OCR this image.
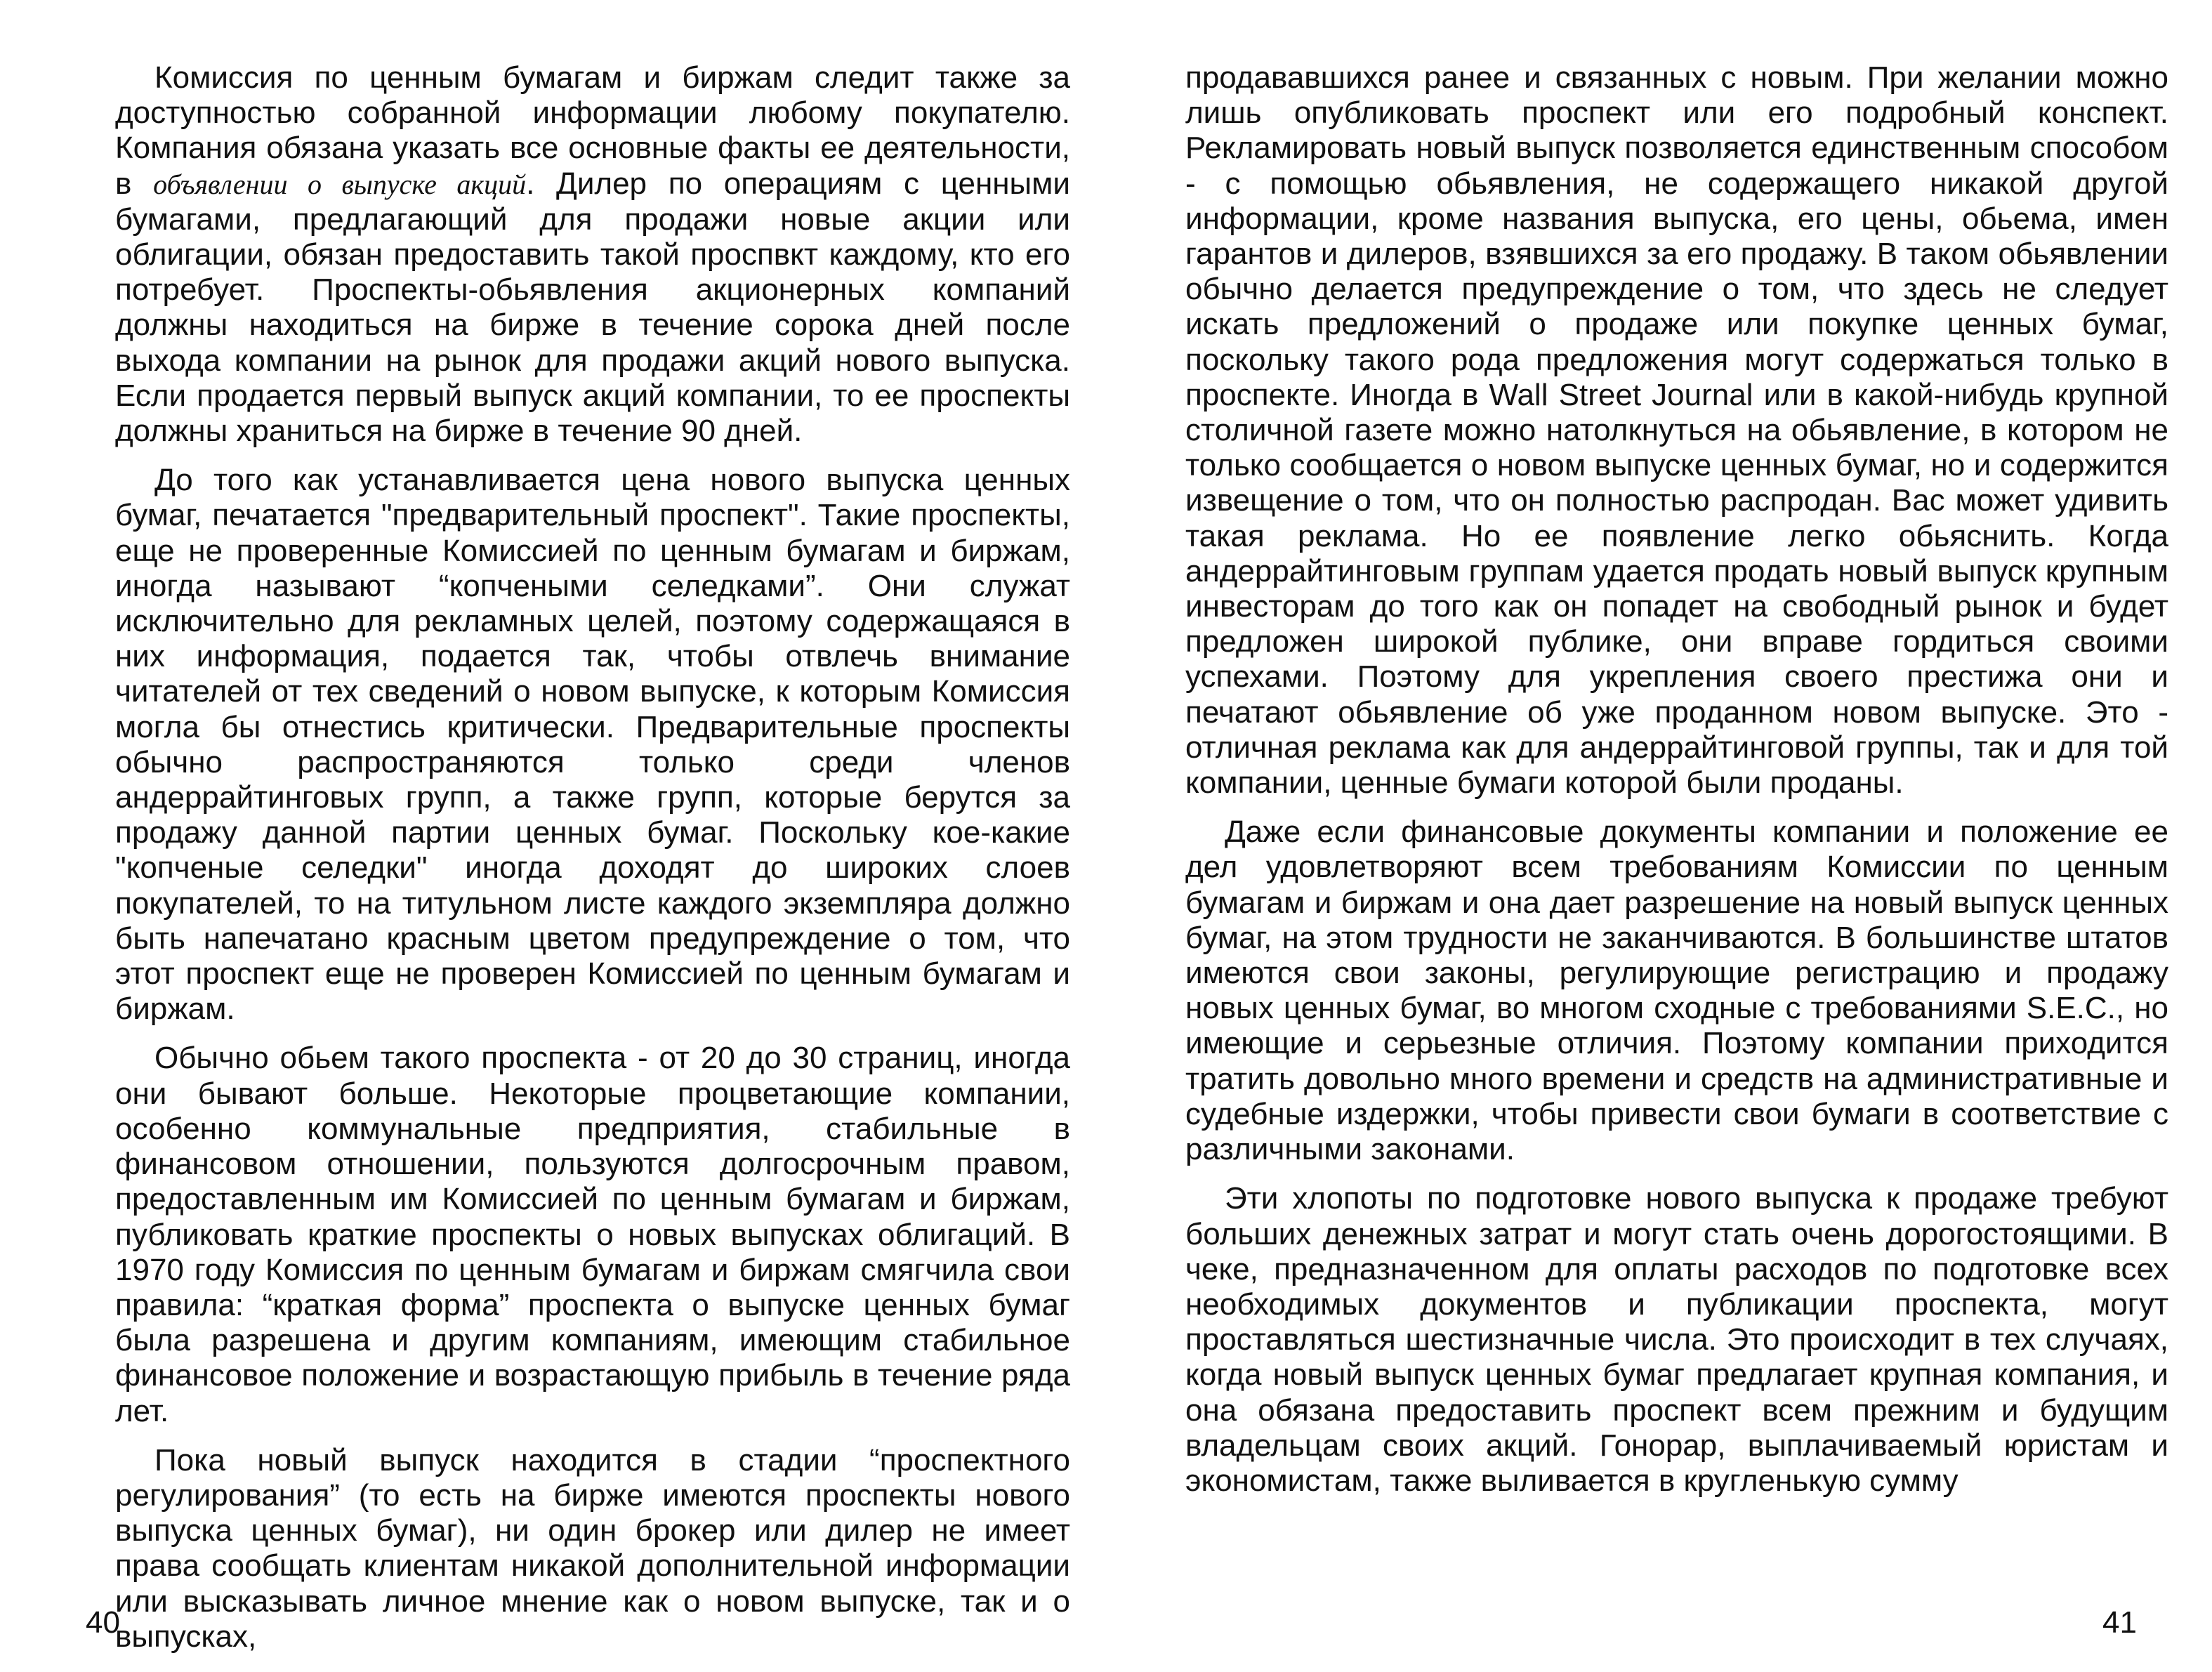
Комиссия по ценным бумагам и биржам следит также за доступностью собранной информации любому покупателю. Компания обязана указать все основные факты ее деятельности, в объявлении о выпуске акций. Дилер по операциям с ценными бумагами, предлагающий для продажи новые акции или облигации, обязан предоставить такой проспвкт каждому, кто его потребует. Проспекты-обьявления акционерных компаний должны находиться на бирже в течение сорока дней после выхода компании на рынок для продажи акций нового выпуска. Если продается первый выпуск акций компании, то ее проспекты должны храниться на бирже в течение 90 дней.

До того как устанавливается цена нового выпуска ценных бумаг, печатается "предварительный проспект". Такие проспекты, еще не проверенные Комиссией по ценным бумагам и биржам, иногда называют “копчеными селедками”. Они служат исключительно для рекламных целей, поэтому содержащаяся в них информация, подается так, чтобы отвлечь внимание читателей от тех сведений о новом выпуске, к которым Комиссия могла бы отнестись критически. Предварительные проспекты обычно распространяются только среди членов андеррайтинговых групп, а также групп, которые берутся за продажу данной партии ценных бумаг. Поскольку кое-какие "копченые селедки" иногда доходят до широких слоев покупателей, то на титульном листе каждого экземпляра должно быть напечатано красным цветом предупреждение о том, что этот проспект еще не проверен Комиссией по ценным бумагам и биржам.

Обычно обьем такого проспекта - от 20 до 30 страниц, иногда они бывают больше. Некоторые процветающие компании, особенно коммунальные предприятия, стабильные в финансовом отношении, пользуются долгосрочным правом, предоставленным им Комиссией по ценным бумагам и биржам, публиковать краткие проспекты о новых выпусках облигаций. В 1970 году Комиссия по ценным бумагам и биржам смягчила свои правила: “краткая форма” проспекта о выпуске ценных бумаг была разрешена и другим компаниям, имеющим стабильное финансовое положение и возрастающую прибыль в течение ряда лет.

Пока новый выпуск находится в стадии “проспектного регулирования” (то есть на бирже имеются проспекты нового выпуска ценных бумаг), ни один брокер или дилер не имеет права сообщать клиентам никакой дополнительной информации или высказывать личное мнение как о новом выпуске, так и о выпусках,

продававшихся ранее и связанных с новым. При желании можно лишь опубликовать проспект или его подробный конспект. Рекламировать новый выпуск позволяется единственным способом - с помощью обьявления, не содержащего никакой другой информации, кроме названия выпуска, его цены, обьема, имен гарантов и дилеров, взявшихся за его продажу. В таком обьявлении обычно делается предупреждение о том, что здесь не следует искать предложений о продаже или покупке ценных бумаг, поскольку такого рода предложения могут содержаться только в проспекте. Иногда в Wall Street Journal или в какой-нибудь крупной столичной газете можно натолкнуться на обьявление, в котором не только сообщается о новом выпуске ценных бумаг, но и содержится извещение о том, что он полностью распродан. Вас может удивить такая реклама. Но ее появление легко обьяснить. Когда андеррайтинговым группам удается продать новый выпуск крупным инвесторам до того как он попадет на свободный рынок и будет предложен широкой публике, они вправе гордиться своими успехами. Поэтому для укрепления своего престижа они и печатают обьявление об уже проданном новом выпуске. Это - отличная реклама как для андеррайтинговой группы, так и для той компании, ценные бумаги которой были проданы.

Даже если финансовые документы компании и положение ее дел удовлетворяют всем требованиям Комиссии по ценным бумагам и биржам и она дает разрешение на новый выпуск ценных бумаг, на этом трудности не заканчиваются. В большинстве штатов имеются свои законы, регулирующие регистрацию и продажу новых ценных бумаг, во многом сходные с требованиями S.E.C., но имеющие и серьезные отличия. Поэтому компании приходится тратить довольно много времени и средств на административные и судебные издержки, чтобы привести свои бумаги в соответствие с различными законами.

Эти хлопоты по подготовке нового выпуска к продаже требуют больших денежных затрат и могут стать очень дорогостоящими. В чеке, предназначенном для оплаты расходов по подготовке всех необходимых документов и публикации проспекта, могут проставляться шестизначные числа. Это происходит в тех случаях, когда новый выпуск ценных бумаг предлагает крупная компания, и она обязана предоставить проспект всем прежним и будущим владельцам своих акций. Гонорар, выплачиваемый юристам и экономистам, также выливается в кругленькую сумму

40	41
